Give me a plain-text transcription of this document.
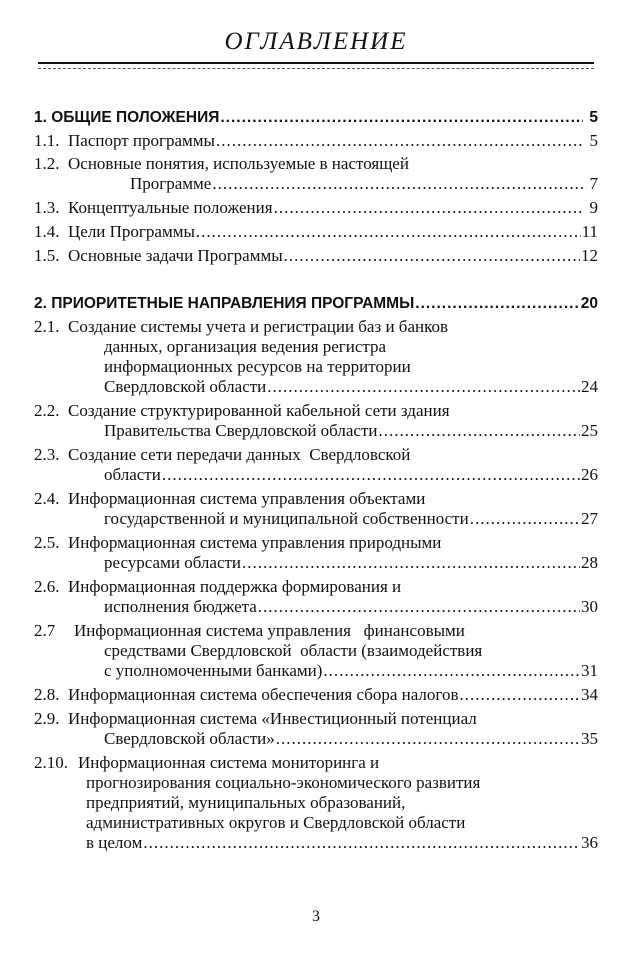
ОГЛАВЛЕНИЕ
1. ОБЩИЕ ПОЛОЖЕНИЯ .....	5
1.1. Паспорт программы .....	5
1.2. Основные понятия, используемые в настоящей
Программе .....	7
1.3. Концептуальные положения .....	9
1.4. Цели Программы .....	11
1.5. Основные задачи Программы .....	12
2. ПРИОРИТЕТНЫЕ НАПРАВЛЕНИЯ ПРОГРАММЫ .....	20
2.1. Создание системы учета и регистрации баз и банков
данных, организация ведения регистра
информационных ресурсов на территории
Свердловской области .....	24
2.2. Создание структурированной кабельной сети здания
Правительства Свердловской области .....	25
2.3. Создание сети передачи данных  Свердловской
области .....	26
2.4. Информационная система управления объектами
государственной и муниципальной собственности .....	27
2.5. Информационная система управления природными
ресурсами области .....	28
2.6. Информационная поддержка формирования и
исполнения бюджета .....	30
2.7	Информационная система управления   финансовыми
средствами Свердловской  области (взаимодействия
с уполномоченными банками) .....	31
2.8. Информационная система обеспечения сбора налогов .....	34
2.9. Информационная система «Инвестиционный потенциал
Свердловской области» .....	35
2.10. Информационная система мониторинга и
прогнозирования социально-экономического развития
предприятий, муниципальных образований,
административных округов и Свердловской области
в целом .....	36
3
